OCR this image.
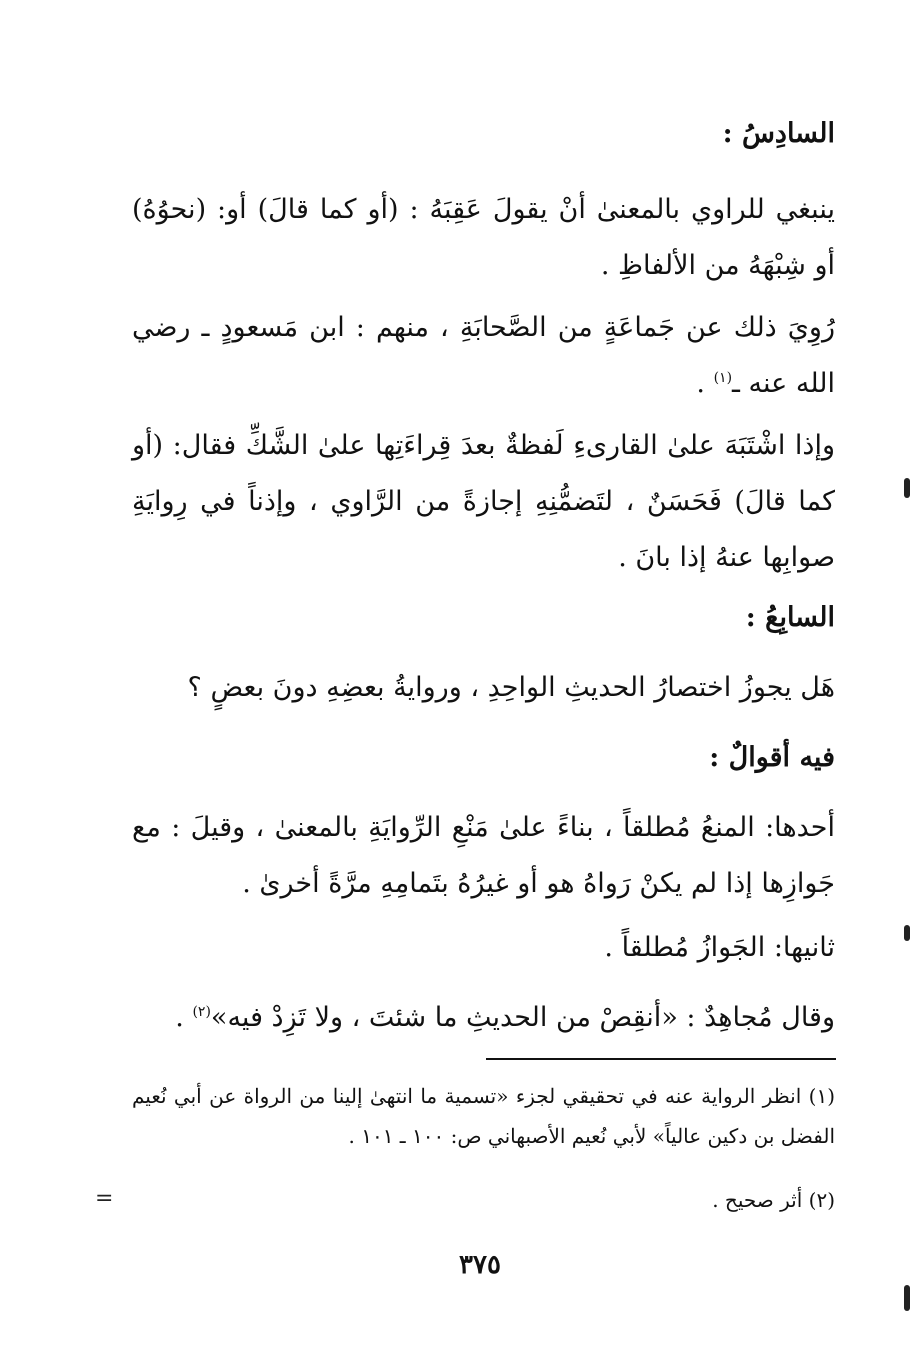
السادِسُ :

ينبغي للراوي بالمعنىٰ أنْ يقولَ عَقِبَهُ : (أو كما قالَ) أو: (نحوُهُ) أو شِبْهَهُ من الألفاظِ .

رُوِيَ ذلك عن جَماعَةٍ من الصَّحابَةِ ، منهم : ابن مَسعودٍ ـ رضي الله عنه ـ$^{(١)}$ .

وإذا اشْتَبَهَ علىٰ القارىءِ لَفظةٌ بعدَ قِراءَتِها علىٰ الشَّكِّ فقال: (أو كما قالَ) فَحَسَنٌ ، لتَضمُّنِهِ إجازةً من الرَّاوي ، وإذناً في رِوايَةِ صوابِها عنهُ إذا بانَ .

السابِعُ :

هَل يجوزُ اختصارُ الحديثِ الواحِدِ ، وروايةُ بعضِهِ دونَ بعضٍ ؟

فيه أقوالٌ :

أحدها: المنعُ مُطلقاً ، بناءً علىٰ مَنْعِ الرِّوايَةِ بالمعنىٰ ، وقيلَ : مع جَوازِها إذا لم يكنْ رَواهُ هو أو غيرُهُ بتَمامِهِ مرَّةً أخرىٰ .

ثانيها: الجَوازُ مُطلقاً .

وقال مُجاهِدٌ : «أنقِصْ من الحديثِ ما شئتَ ، ولا تَزِدْ فيه»$^{(٢)}$ .

(١) انظر الرواية عنه في تحقيقي لجزء «تسمية ما انتهىٰ إلينا من الرواة عن أبي نُعيم الفضل بن دكين عالياً» لأبي نُعيم الأصبهاني ص: ١٠٠ ـ ١٠١ .

(٢) أثر صحيح .

=
٣٧٥
